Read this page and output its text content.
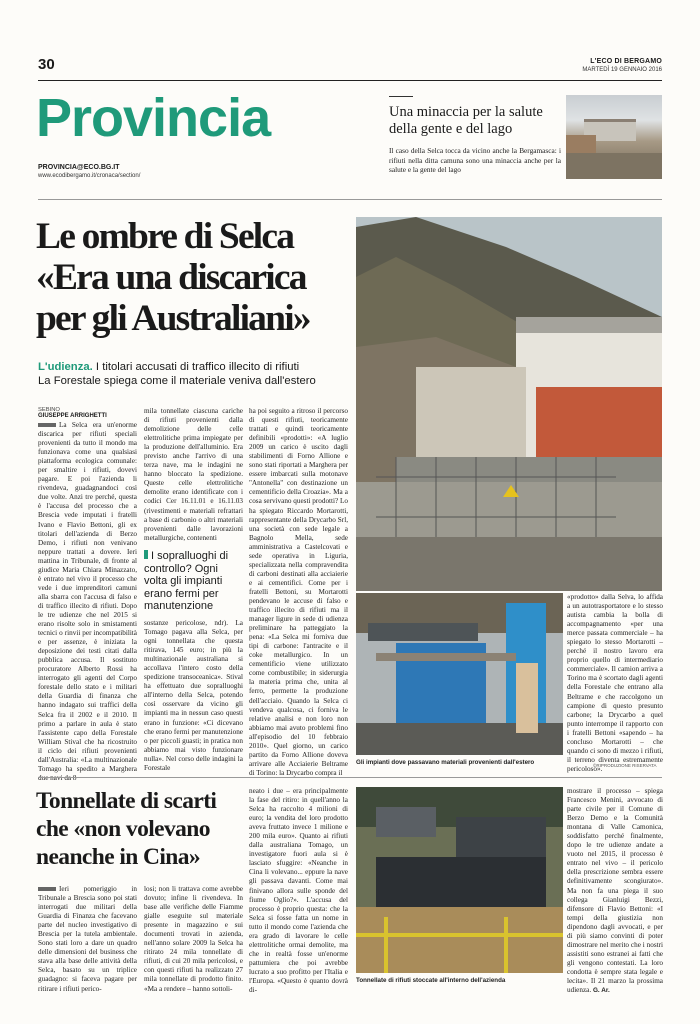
30	L'ECO DI BERGAMO
MARTEDÌ 19 GENNAIO 2016
Provincia
PROVINCIA@ECO.BG.IT
www.ecodibergamo.it/cronaca/section/
Una minaccia per la salute della gente e del lago
Il caso della Selca tocca da vicino anche la Bergamasca: i rifiuti nella ditta camuna sono una minaccia anche per la salute e la gente del lago
Le ombre di Selca
«Era una discarica
per gli Australiani»
L'udienza. I titolari accusati di traffico illecito di rifiuti
La Forestale spiega come il materiale veniva dall'estero
Gli impianti dove passavano materiali provenienti dall'estero
SEBINO
GIUSEPPE ARRIGHETTI
La Selca era un'enorme discarica per rifiuti speciali provenienti da tutto il mondo ma funzionava come una qualsiasi piattaforma ecologica comunale: per smaltire i rifiuti, dovevi pagare. E poi l'azienda li rivendeva, guadagnandoci così due volte. Anzi tre perché, questa è l'accusa del processo che a Brescia vede imputati i fratelli Ivano e Flavio Bettoni, gli ex titolari dell'azienda di Berzo Demo, i rifiuti non venivano neppure trattati a dovere. Ieri mattina in Tribunale, di fronte al giudice Maria Chiara Minazzato, è entrato nel vivo il processo che vede i due imprenditori camuni alla sbarra con l'accusa di falso e di traffico illecito di rifiuti. Dopo le tre udienze che nel 2015 si erano risolte solo in smistamenti tecnici o rinvii per incompatibilità e per assenze, è iniziata la deposizione dei testi citati dalla pubblica accusa. Il sostituto procuratore Alberto Rossi ha interrogato gli agenti del Corpo forestale dello stato e i militari della Guardia di finanza che hanno indagato sui traffici della Selca fra il 2002 e il 2010. Il primo a parlare in aula è stato l'assistente capo della Forestale William Stival che ha ricostruito il ciclo dei rifiuti provenienti dall'Australia: «La multinazionale Tomago ha spedito a Marghera
mila tonnellate ciascuna cariche di rifiuti provenienti dalla demolizione delle celle elettrolitiche prima impiegate per la produzione dell'alluminio. Era previsto anche l'arrivo di una terza nave, ma le indagini ne hanno bloccato la spedizione. Queste celle elettrolitiche demolite erano identificate con i codici Cer 16.11.01 e 16.11.03 (rivestimenti e materiali refrattari a base di carbonio o altri materiali provenienti dalle lavorazioni metallurgiche, contenenti
I sopralluoghi di controllo? Ogni volta gli impianti erano fermi per manutenzione
sostanze pericolose, ndr). La Tomago pagava alla Selca, per ogni tonnellata che questa ritirava, 145 euro; in più la multinazionale australiana si accollava l'intero costo della spedizione transoceanica». Stival ha effettuato due sopralluoghi all'interno della Selca, potendo così osservare da vicino gli impianti ma in nessun caso questi erano in funzione: «Ci dicevano che erano fermi per manutenzione o per piccoli guasti; in pratica non abbiamo mai visto funzionare nulla». Nel corso delle indagini la Forestale
ha poi seguito a ritroso il percorso di questi rifiuti, teoricamente trattati e quindi teoricamente definibili «prodotti»: «A luglio 2009 un carico è uscito dagli stabilimenti di Forno Allione e sono stati riportati a Marghera per essere imbarcati sulla motonave "Antonella" con destinazione un cementificio della Croazia». Ma a cosa servivano questi prodotti? Lo ha spiegato Riccardo Mortarotti, rappresentante della Drycarbo Srl, una società con sede legale a Bagnolo Mella, sede amministrativa a Castelcovati e sede operativa in Liguria, specializzata nella compravendita di carboni destinati alla acciaierie e ai cementifici. Come per i fratelli Bettoni, su Mortarotti pendevano le accuse di falso e traffico illecito di rifiuti ma il manager ligure in sede di udienza preliminare ha patteggiato la pena: «La Selca mi forniva due tipi di carbone: l'antracite e il coke metallurgico. In un cementificio viene utilizzato come combustibile; in siderurgia la materia prima che, unita al ferro, permette la produzione dell'acciaio. Quando la Selca ci vendeva qualcosa, ci forniva le relative analisi e non loro non abbiamo mai avuto problemi fino all'episodio del 10 febbraio 2010». Quel giorno, un carico partito da Forno Allione doveva arrivare alle Acciaierie Beltrame di Torino: la Drycarbo compra il
«prodotto» dalla Selva, lo affida a un autotrasportatore e lo stesso autista cambia la bolla di accompagnamento «per una merce passata commerciale – ha spiegato lo stesso Mortarotti – perché il nostro lavoro era proprio quello di intermediario commerciale». Il camion arriva a Torino ma è scortato dagli agenti della Forestale che entrano alla Beltrame e che raccolgono un campione di questo presunto carbone; la Drycarbo a quel punto interrompe il rapporto con i fratelli Bettoni «sapendo – ha concluso Mortarotti – che quando ci sono di mezzo i rifiuti, il terreno diventa estremamente pericoloso».
©RIPRODUZIONE RISERVATA
Tonnellate di scarti
che «non volevano
neanche in Cina»
Ieri pomeriggio in Tribunale a Brescia sono poi stati interrogati due militari della Guardia di Finanza che facevano parte del nucleo investigativo di Brescia per la tutela ambientale. Sono stati loro a dare un quadro delle dimensioni del business che stava alla base delle attività della Selca, basato su un triplice guadagno: si faceva pagare per ritirare i rifiuti perico-
losi; non li trattava come avrebbe dovuto; infine li rivendeva. In base alle verifiche delle Fiamme gialle eseguite sul materiale presente in magazzino e sui documenti trovati in azienda, nell'anno solare 2009 la Selca ha ritirato 24 mila tonnellate di rifiuti, di cui 20 mila pericolosi, e con questi rifiuti ha realizzato 27 mila tonnellate di prodotto finito. «Ma a rendere – hanno sottoli-
neato i due – era principalmente la fase del ritiro: in quell'anno la Selca ha raccolto 4 milioni di euro; la vendita del loro prodotto aveva fruttato invece 1 milione e 200 mila euro». Quanto ai rifiuti dalla australiana Tomago, un investigatore fuori aula si è lasciato sfuggire: «Neanche in Cina li volevano... eppure la nave gli passava davanti. Come mai finivano allora sulle sponde del fiume Oglio?». L'accusa del processo è proprio questa: che la Selca si fosse fatta un nome in tutto il mondo come l'azienda che era grado di lavorare le celle elettrolitiche ormai demolite, ma che in realtà fosse un'enorme pattumiera che poi avrebbe lucrato a suo profitto per l'Italia e l'Europa. «Questo è quanto dovrà di-
Tonnellate di rifiuti stoccate all'interno dell'azienda
mostrare il processo – spiega Francesco Menini, avvocato di parte civile per il Comune di Berzo Demo e la Comunità montana di Valle Camonica, soddisfatto perché finalmente, dopo le tre udienze andate a vuoto nel 2015, il processo è entrato nel vivo – il pericolo della prescrizione sembra essere definitivamente scongiurato». Ma non fa una piega il suo collega Gianluigi Bezzi, difensore di Flavio Bettoni: «I tempi della giustizia non dipendono dagli avvocati, e per di più siamo convinti di poter dimostrare nel merito che i nostri assistiti sono estranei ai fatti che gli vengono contestati. La loro condotta è sempre stata legale e lecita». Il 21 marzo la prossima udienza. G. Ar.
